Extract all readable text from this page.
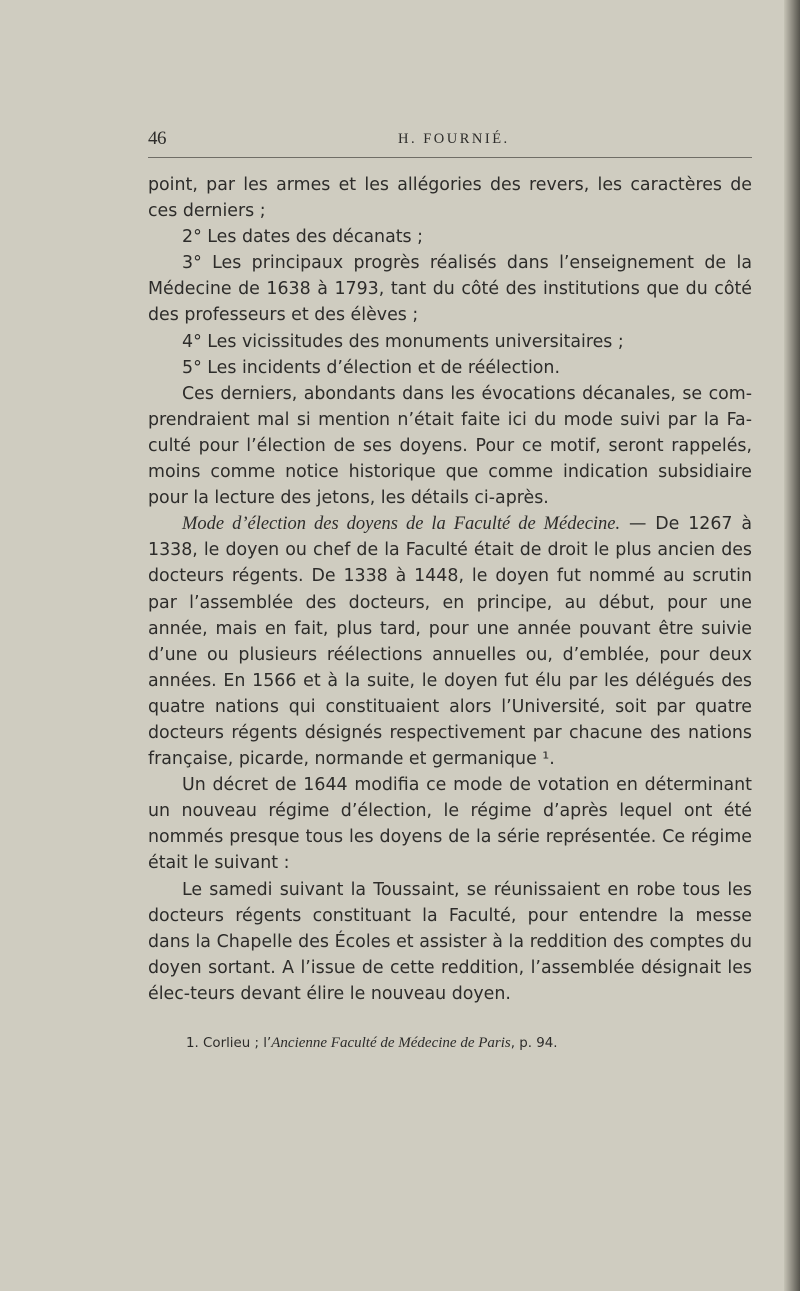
46	H. FOURNIÉ.

point, par les armes et les allégories des revers, les caractères de ces derniers ;

2° Les dates des décanats ;

3° Les principaux progrès réalisés dans l’enseignement de la Médecine de 1638 à 1793, tant du côté des institutions que du côté des professeurs et des élèves ;

4° Les vicissitudes des monuments universitaires ;

5° Les incidents d’élection et de réélection.

Ces derniers, abondants dans les évocations décanales, se com-prendraient mal si mention n’était faite ici du mode suivi par la Fa-culté pour l’élection de ses doyens. Pour ce motif, seront rappelés, moins comme notice historique que comme indication subsidiaire pour la lecture des jetons, les détails ci-après.

Mode d’élection des doyens de la Faculté de Médecine. — De 1267 à 1338, le doyen ou chef de la Faculté était de droit le plus ancien des docteurs régents. De 1338 à 1448, le doyen fut nommé au scrutin par l’assemblée des docteurs, en principe, au début, pour une année, mais en fait, plus tard, pour une année pouvant être suivie d’une ou plusieurs réélections annuelles ou, d’emblée, pour deux années. En 1566 et à la suite, le doyen fut élu par les délégués des quatre nations qui constituaient alors l’Université, soit par quatre docteurs régents désignés respectivement par chacune des nations française, picarde, normande et germanique ¹.

Un décret de 1644 modifia ce mode de votation en déterminant un nouveau régime d’élection, le régime d’après lequel ont été nommés presque tous les doyens de la série représentée. Ce régime était le suivant :

Le samedi suivant la Toussaint, se réunissaient en robe tous les docteurs régents constituant la Faculté, pour entendre la messe dans la Chapelle des Écoles et assister à la reddition des comptes du doyen sortant. A l’issue de cette reddition, l’assemblée désignait les élec-teurs devant élire le nouveau doyen.

1. Corlieu ; l’Ancienne Faculté de Médecine de Paris, p. 94.
